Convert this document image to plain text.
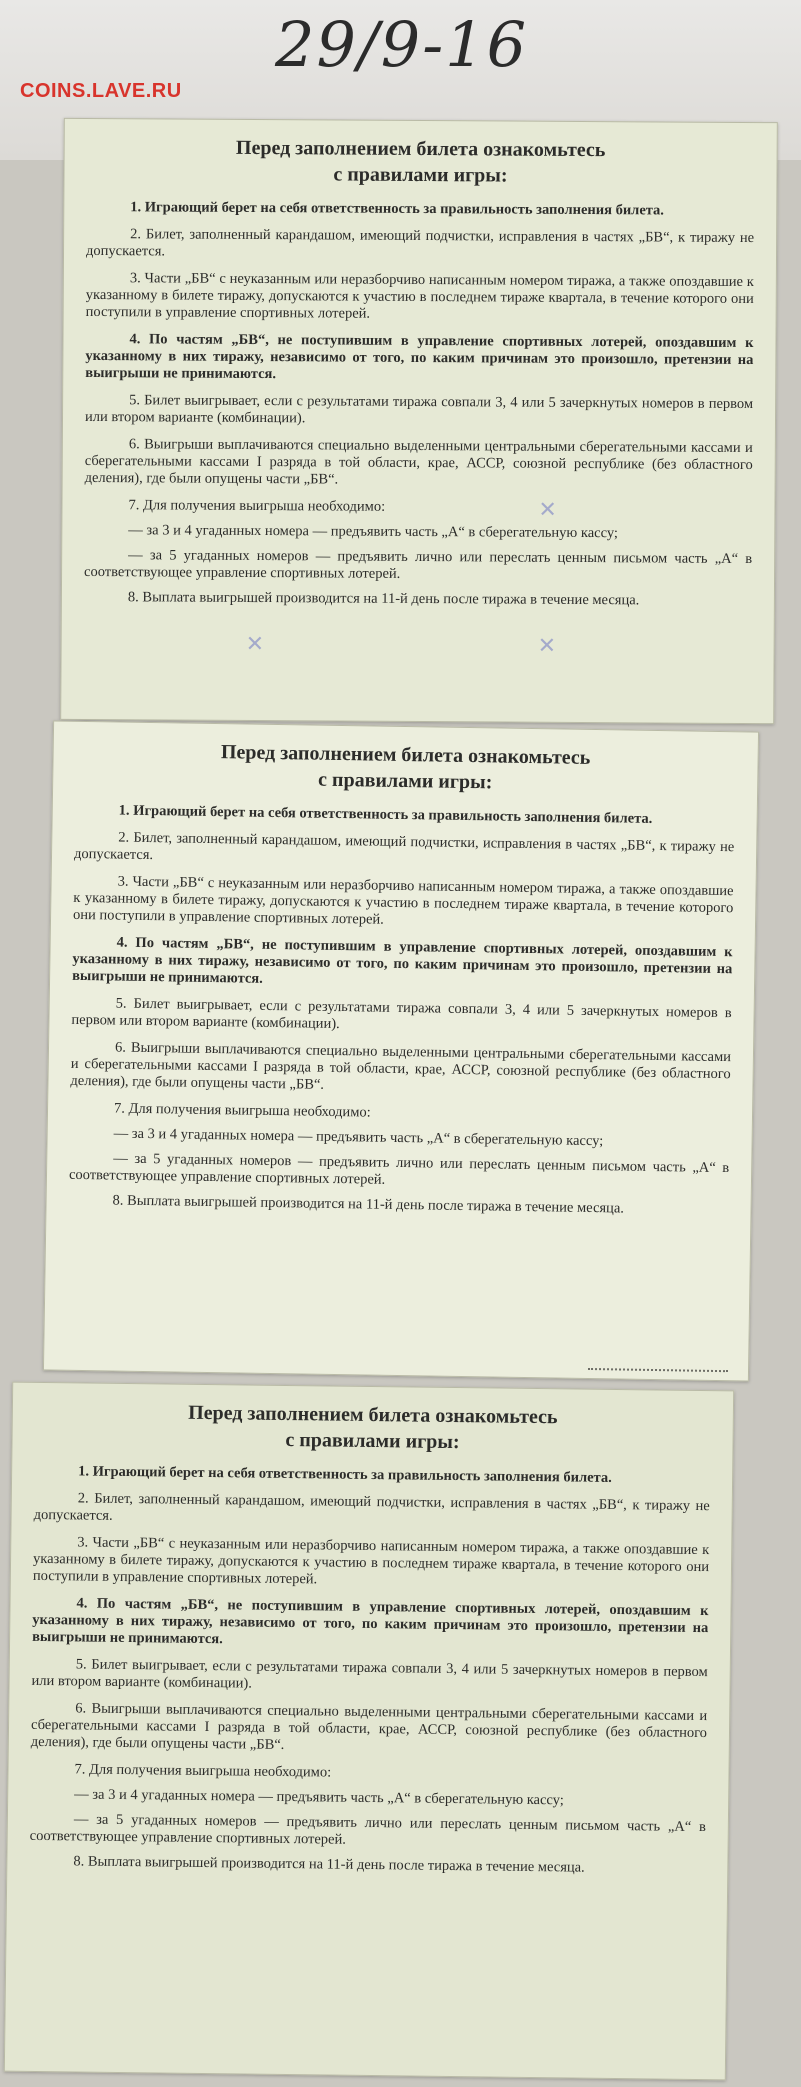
29/9-16
COINS.LAVE.RU
Перед заполнением билета ознакомьтесь
с правилами игры:

1. Играющий берет на себя ответственность за правильность заполнения билета.

2. Билет, заполненный карандашом, имеющий подчистки, исправления в частях „БВ“, к тиражу не допускается.

3. Части „БВ“ с неуказанным или неразборчиво написанным номером тиража, а также опоздавшие к указанному в билете тиражу, допускаются к участию в последнем тираже квартала, в течение которого они поступили в управление спортивных лотерей.

4. По частям „БВ“, не поступившим в управление спортивных лотерей, опоздавшим к указанному в них тиражу, независимо от того, по каким причинам это произошло, претензии на выигрыши не принимаются.

5. Билет выигрывает, если с результатами тиража совпали 3, 4 или 5 зачеркнутых номеров в первом или втором варианте (комбинации).

6. Выигрыши выплачиваются специально выделенными центральными сберегательными кассами и сберегательными кассами I разряда в той области, крае, АССР, союзной республике (без областного деления), где были опущены части „БВ“.

7. Для получения выигрыша необходимо:

— за 3 и 4 угаданных номера — предъявить часть „А“ в сберегательную кассу;

— за 5 угаданных номеров — предъявить лично или переслать ценным письмом часть „А“ в соответствующее управление спортивных лотерей.

8. Выплата выигрышей производится на 11-й день после тиража в течение месяца.

✕
✕	✕
Перед заполнением билета ознакомьтесь
с правилами игры:

1. Играющий берет на себя ответственность за правильность заполнения билета.

2. Билет, заполненный карандашом, имеющий подчистки, исправления в частях „БВ“, к тиражу не допускается.

3. Части „БВ“ с неуказанным или неразборчиво написанным номером тиража, а также опоздавшие к указанному в билете тиражу, допускаются к участию в последнем тираже квартала, в течение которого они поступили в управление спортивных лотерей.

4. По частям „БВ“, не поступившим в управление спортивных лотерей, опоздавшим к указанному в них тиражу, независимо от того, по каким причинам это произошло, претензии на выигрыши не принимаются.

5. Билет выигрывает, если с результатами тиража совпали 3, 4 или 5 зачеркнутых номеров в первом или втором варианте (комбинации).

6. Выигрыши выплачиваются специально выделенными центральными сберегательными кассами и сберегательными кассами I разряда в той области, крае, АССР, союзной республике (без областного деления), где были опущены части „БВ“.

7. Для получения выигрыша необходимо:

— за 3 и 4 угаданных номера — предъявить часть „А“ в сберегательную кассу;

— за 5 угаданных номеров — предъявить лично или переслать ценным письмом часть „А“ в соответствующее управление спортивных лотерей.

8. Выплата выигрышей производится на 11-й день после тиража в течение месяца.

Перед заполнением билета ознакомьтесь
с правилами игры:

1. Играющий берет на себя ответственность за правильность заполнения билета.

2. Билет, заполненный карандашом, имеющий подчистки, исправления в частях „БВ“, к тиражу не допускается.

3. Части „БВ“ с неуказанным или неразборчиво написанным номером тиража, а также опоздавшие к указанному в билете тиражу, допускаются к участию в последнем тираже квартала, в течение которого они поступили в управление спортивных лотерей.

4. По частям „БВ“, не поступившим в управление спортивных лотерей, опоздавшим к указанному в них тиражу, независимо от того, по каким причинам это произошло, претензии на выигрыши не принимаются.

5. Билет выигрывает, если с результатами тиража совпали 3, 4 или 5 зачеркнутых номеров в первом или втором варианте (комбинации).

6. Выигрыши выплачиваются специально выделенными центральными сберегательными кассами и сберегательными кассами I разряда в той области, крае, АССР, союзной республике (без областного деления), где были опущены части „БВ“.

7. Для получения выигрыша необходимо:

— за 3 и 4 угаданных номера — предъявить часть „А“ в сберегательную кассу;

— за 5 угаданных номеров — предъявить лично или переслать ценным письмом часть „А“ в соответствующее управление спортивных лотерей.

8. Выплата выигрышей производится на 11-й день после тиража в течение месяца.
